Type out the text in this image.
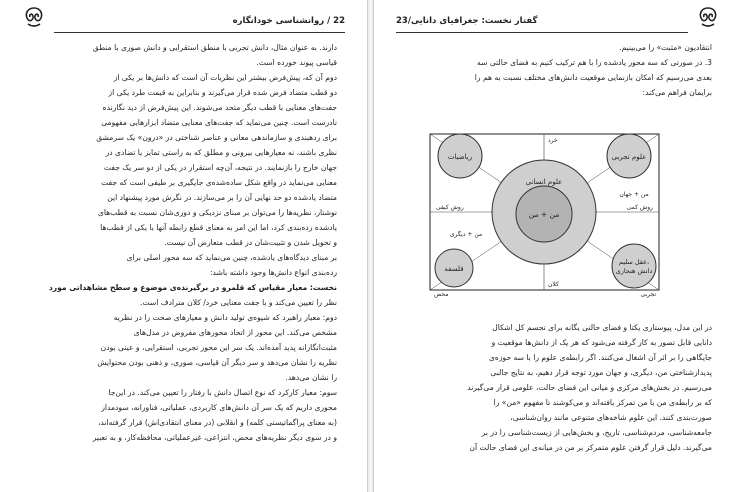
22 / روانشناسی خودانگاره

دارند. به عنوان مثال، دانش تجربی با منطق استقرایی و دانش صوری با منطق

قیاسی پیوند خورده است.

دوم آن که، پیش‌فرض بیشتر این نظریات آن است که دانش‌ها بر یکی از

دو قطب متضاد فرض شده قرار می‌گیرند و بنابراین به قیمت طرد یکی از

جفت‌های معنایی با قطب دیگر متحد می‌شوند. این پیش‌فرض از دید نگارنده

نادرست است. چنین می‌نماید که جفت‌های معنایی متضاد ابزارهایی مفهومی

برای ردهبندی و سازماندهی معانی و عناصر شناختی در «درون» یک سرمشق

نظری باشند، نه معیارهایی بیرونی و مطلق که به راستی تمایز یا تضادی در

جهان خارج را بازنمایند. در نتیجه، آن‌چه استقرار در یکی از دو سر یک جفت

معنایی می‌نماید در واقع شکل ساده‌شده‌ی جایگیری بر طیفی است که جفت

متضاد یادشده دو حد نهایی آن را بر می‌سازند. در نگرش مورد پیشنهاد این

نوشتار، نظریه‌ها را می‌توان بر مبنای نزدیکی و دوری‌شان نسبت به قطب‌های

یادشده رده‌بندی کرد، اما این امر به معنای قطع رابطه آنها با یکی از قطب‌ها

و تحویل شدن و تثبیت‌شان در قطب متعارض آن نیست.

بر مبنای دیدگاه‌های یادشده، چنین می‌نماید که سه محور اصلی برای

رده‌بندی انواع دانش‌ها وجود داشته باشد:

نخست: معیار مقیاس که قلمرو در برگیرنده‌ی موضوع و سطح مشاهداتی مورد

نظر را تعیین می‌کند و با جفت معنایی خرد/ کلان مترادف است.

دوم: معیار راهبرد که شیوه‌ی تولید دانش و معیارهای صحت را در نظریه

مشخص می‌کند. این محور از اتحاد محورهای مفروض در مدل‌های

مثبت‌انگارانه پدید آمده‌اند. یک سر این محور تجربی، استقرایی، و عینی بودن

نظریه را نشان می‌دهد و سر دیگر آن قیاسی، صوری، و ذهنی بودن محتوایش

را نشان می‌دهد.

سوم: معیار کارکرد که نوع اتصال دانش با رفتار را تعیین می‌کند. در این‌جا

محوری داریم که یک سر آن دانش‌های کاربردی، عملیاتی، فناورانه، سودمدار

(به معنای پراگماتیستی کلمه) و انقلابی (در معنای انتقادی‌اش) قرار گرفته‌اند،

و در سوی دیگر نظریه‌های محض، انتزاعی، غیرعملیاتی، محافظه‌کار، و به تعبیر

گفتار نخست: جغرافیای دانایی/23

انتقادیون «مثبت» را می‌بینیم.

3. در صورتی که سه محور یادشده را با هم ترکیب کنیم به فضای حالتی سه

بعدی می‌رسیم که امکان بازنمایی موقعیت دانش‌های مختلف نسبت به هم را

برایمان فراهم می‌کند:

علوم انسانی
من + من
ریاضیات	علوم تجربی
فلسفه
عقل سلیم،
دانش هنجاری
خرد
کلان
روش کیفی	روش کمی
محض	تجربی
من + جهان
من + دیگری

در این مدل، پیوستاری یکتا و فضای حالتی یگانه برای تجسم کل اشکال

دانایی قابل تصور به کار گرفته می‌شود که هر یک از دانش‌ها موقعیت و

جایگاهی را بر اثر آن اشغال می‌کنند. اگر رابطه‌ی علوم را با سه حوزه‌ی

پدیدارشناختی من، دیگری، و جهان مورد توجه قرار دهیم، به نتایج جالبی

می‌رسیم. در بخش‌های مرکزی و میانی این فضای حالت، علومی قرار می‌گیرند

که بر رابطه‌ی من با من تمرکز یافته‌اند و می‌کوشند تا مفهوم «من» را

صورت‌بندی کنند. این علوم شاخه‌های متنوعی مانند روان‌شناسی،

جامعه‌شناسی، مردم‌شناسی، تاریخ، و بخش‌هایی از زیست‌شناسی را در بر

می‌گیرند. دلیل قرار گرفتن علوم متمرکز بر من در میانه‌ی این فضای حالت آن
